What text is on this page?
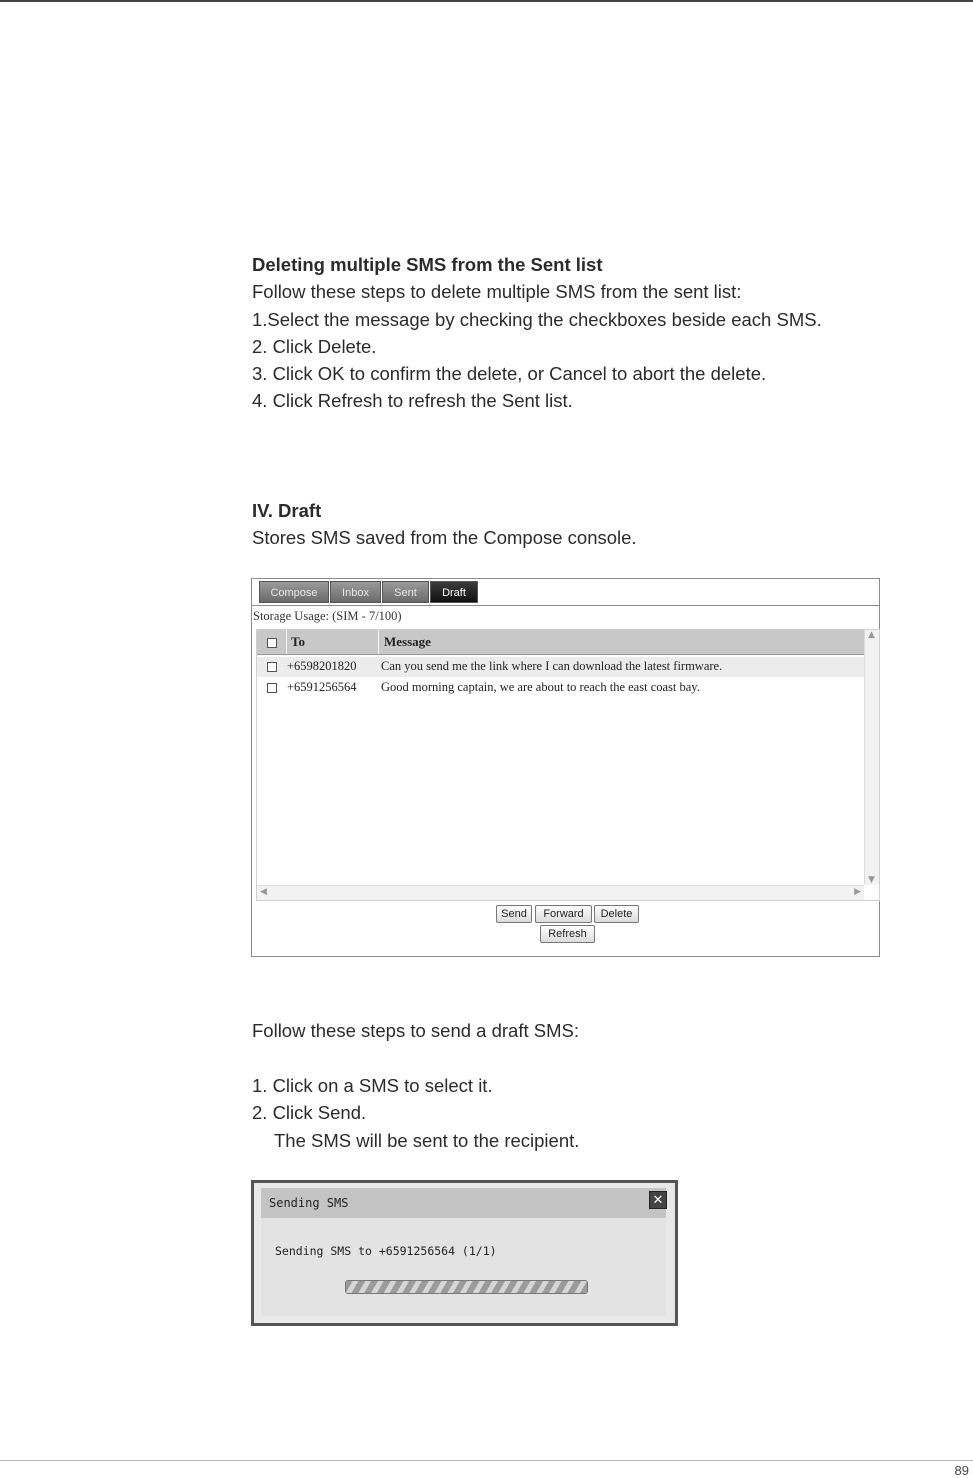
Deleting multiple SMS from the Sent list

Follow these steps to delete multiple SMS from the sent list:

1.Select the message by checking the checkboxes beside each SMS.

2. Click Delete.

3. Click OK to confirm the delete, or Cancel to abort the delete.

4. Click Refresh to refresh the Sent list.

IV. Draft

Stores SMS saved from the Compose console.

Compose	Inbox	Sent	Draft
Storage Usage: (SIM - 7/100)
To	Message
+6598201820 Can you send me the link where I can download the latest firmware.
+6591256564 Good morning captain, we are about to reach the east coast bay.
▲
▼
◀	▶
Send	Forward	Delete
Refresh

Follow these steps to send a draft SMS:

1. Click on a SMS to select it.

2. Click Send.

The SMS will be sent to the recipient.

Sending SMS	✕
Sending SMS to +6591256564 (1/1)
89
